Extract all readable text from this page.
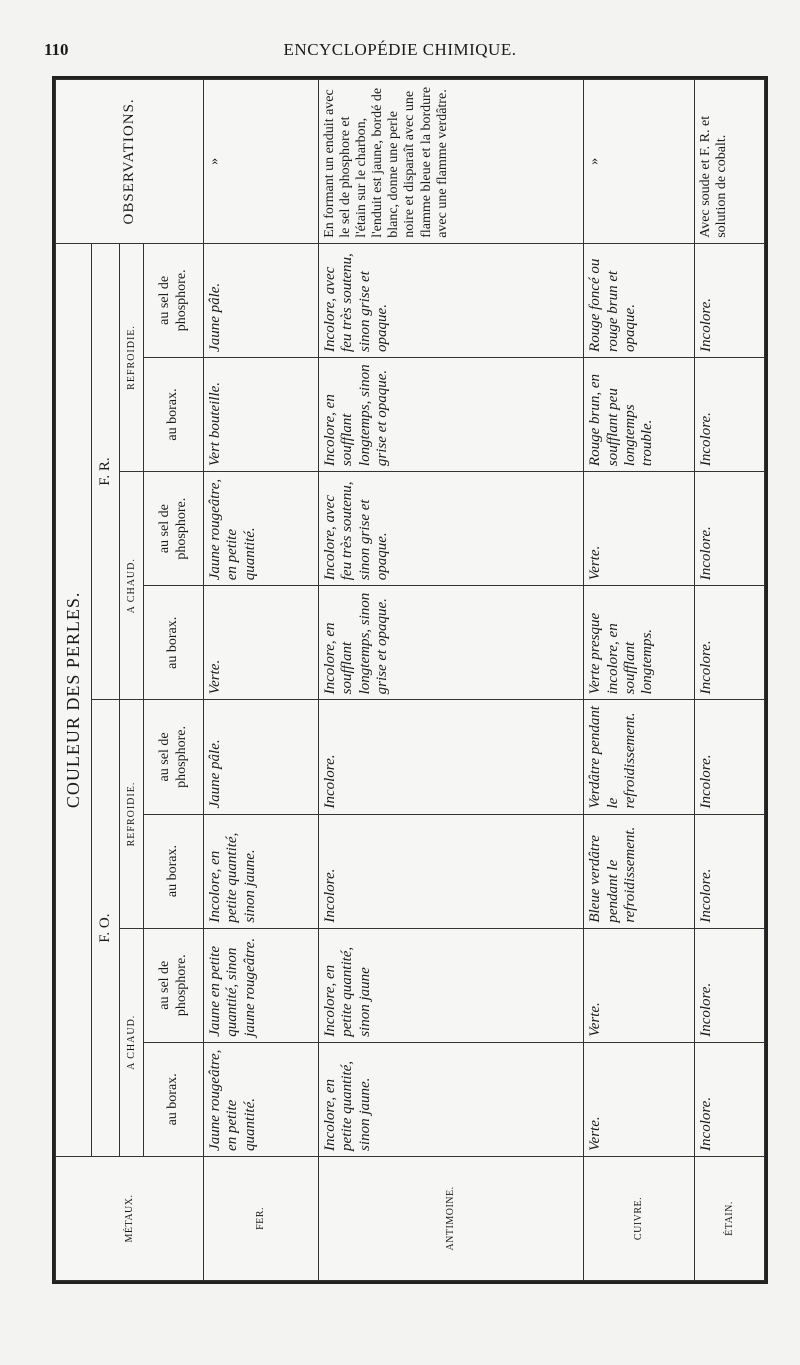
110	ENCYCLOPÉDIE CHIMIQUE.
MÉTAUX.	COULEUR DES PERLES.								OBSERVATIONS.
	F. O.				F. R.				
	A CHAUD.		REFROIDIE.		A CHAUD.		REFROIDIE.		
	au borax.	au sel de phosphore.	au borax.	au sel de phosphore.	au borax.	au sel de phosphore.	au borax.	au sel de phosphore.	
FER.	Jaune rougeâtre, en petite quantité.	Jaune en petite quantité, sinon jaune rougeâtre.	Incolore, en petite quantité, sinon jaune.	Jaune pâle.	Verte.	Jaune rougeâtre, en petite quantité.	Vert bouteille.	Jaune pâle.	»
ANTIMOINE.	Incolore, en petite quantité, sinon jaune.	Incolore, en petite quantité, sinon jaune	Incolore.	Incolore.	Incolore, en soufflant longtemps, sinon grise et opaque.	Incolore, avec feu très soutenu, sinon grise et opaque.	Incolore, en soufflant longtemps, sinon grise et opaque.	Incolore, avec feu très soutenu, sinon grise et opaque.	En formant un enduit avec le sel de phosphore et l'étain sur le charbon, l'enduit est jaune, bordé de blanc, donne une perle noire et disparaît avec une flamme bleue et la bordure avec une flamme verdâtre.
CUIVRE.	Verte.	Verte.	Bleue verdâtre pendant le refroidissement.	Verdâtre pendant le refroidissement.	Verte presque incolore, en soufflant longtemps.	Verte.	Rouge brun, en soufflant peu longtemps trouble.	Rouge foncé ou rouge brun et opaque.	»
ÉTAIN.	Incolore.	Incolore.	Incolore.	Incolore.	Incolore.	Incolore.	Incolore.	Incolore.	Avec soude et F. R. et solution de cobalt.
